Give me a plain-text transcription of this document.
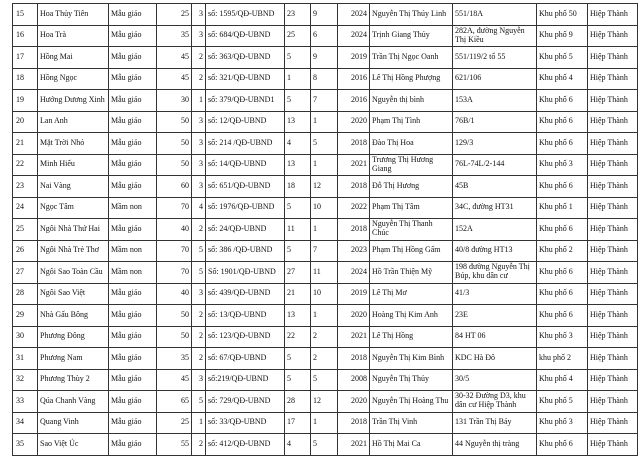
15	Hoa Thủy Tiên	Mẫu giáo	25	3	số: 1595/QĐ-UBND	23	9	2024	Nguyễn Thị Thúy Linh	551/18A	Khu phố 50	Hiệp Thành
16	Hoa Trà	Mẫu giáo	35	3	số: 684/QĐ-UBND	25	6	2024	Trịnh Giang Thủy	282A, đường Nguyễn Thị Kiều	Khu phố 9	Hiệp Thành
17	Hồng Mai	Mẫu giáo	45	2	số: 363/QĐ-UBND	5	9	2019	Trần Thị Ngọc Oanh	551/119/2 tổ 55	Khu phố 5	Hiệp Thành
18	Hồng Ngọc	Mẫu giáo	45	2	số: 321/QĐ-UBND	1	8	2016	Lê Thị Hồng Phượng	621/106	Khu phố 4	Hiệp Thành
19	Hướng Dương Xinh	Mẫu giáo	30	1	số: 379/QĐ-UBND1	5	7	2016	Nguyễn thị bình	153A	Khu phố 6	Hiệp Thành
20	Lan Anh	Mẫu giáo	50	3	số: 12/QĐ-UBND	13	1	2020	Phạm Thị Tình	76B/1	Khu phố 6	Hiệp Thành
21	Mặt Trời Nhỏ	Mẫu giáo	50	3	số: 214 /QĐ-UBND	4	5	2018	Đào Thị Hoa	129/3	Khu phố 6	Hiệp Thành
22	Minh Hiếu	Mẫu giáo	50	3	số: 14/QĐ-UBND	13	1	2021	Trương Thị Hương Giang	76L-74L/2-144	Khu phố 3	Hiệp Thành
23	Nai Vàng	Mẫu giáo	60	3	số: 651/QĐ-UBND	18	12	2018	Đỗ Thị Hương	45B	Khu phố 6	Hiệp Thành
24	Ngọc Tâm	Mầm non	70	4	số: 1976/QĐ-UBND	5	10	2022	Phạm Thị Tâm	34C, đường HT31	Khu phố 1	Hiệp Thành
25	Ngôi Nhà Thứ Hai	Mẫu giáo	40	2	số: 24/QĐ-UBND	11	1	2018	Nguyễn Thị Thanh Chúc	152A	Khu phố 6	Hiệp Thành
26	Ngôi Nhà Trẻ Thơ	Mầm non	70	5	số: 386 /QĐ-UBND	5	7	2023	Phạm Thị Hồng Gấm	40/8 đường HT13	Khu phố 2	Hiệp Thành
27	Ngôi Sao Toàn Cầu	Mầm non	70	5	Số: 1901/QĐ-UBND	27	11	2024	Hồ Trần Thiện Mỹ	198 đường Nguyễn Thị Búp, khu dân cư	Khu phố 6	Hiệp Thành
28	Ngôi Sao Việt	Mẫu giáo	40	3	số: 439/QĐ-UBND	21	10	2019	Lê Thị Mơ	41/3	Khu phố 6	Hiệp Thành
29	Nhà Gấu Bông	Mẫu giáo	50	2	số: 13/QĐ-UBND	13	1	2020	Hoàng Thị Kim Anh	23E	Khu phố 6	Hiệp Thành
30	Phương Đông	Mẫu giáo	50	2	số: 123/QĐ-UBND	22	2	2021	Lê Thị Hồng	84 HT 06	Khu phố 3	Hiệp Thành
31	Phương Nam	Mẫu giáo	35	2	số: 67/QĐ-UBND	5	2	2018	Nguyễn Thị Kim Bình	KDC Hà Đô	khu phố 2	Hiệp Thành
32	Phương Thùy 2	Mẫu giáo	45	3	số:219/QĐ-UBND	5	5	2008	Nguyễn Thị Thủy	30/5	Khu phố 4	Hiệp Thành
33	Qúa Chanh Vàng	Mẫu giáo	65	5	số: 729/QĐ-UBND	28	12	2020	Nguyễn Thị Hoàng Thu	30-32 Đường D3, khu dân cư Hiệp Thành	Khu phố 5	Hiệp Thành
34	Quang Vinh	Mẫu giáo	25	1	số: 33/QĐ-UBND	17	1	2018	Trần Thị Vinh	131 Trần Thị Bảy	Khu phố 3	Hiệp Thành
35	Sao Việt Úc	Mẫu giáo	55	2	số: 412/QĐ-UBND	4	5	2021	Hồ Thị Mai Ca	44 Nguyễn thị tràng	Khu phố 6	Hiệp Thành
